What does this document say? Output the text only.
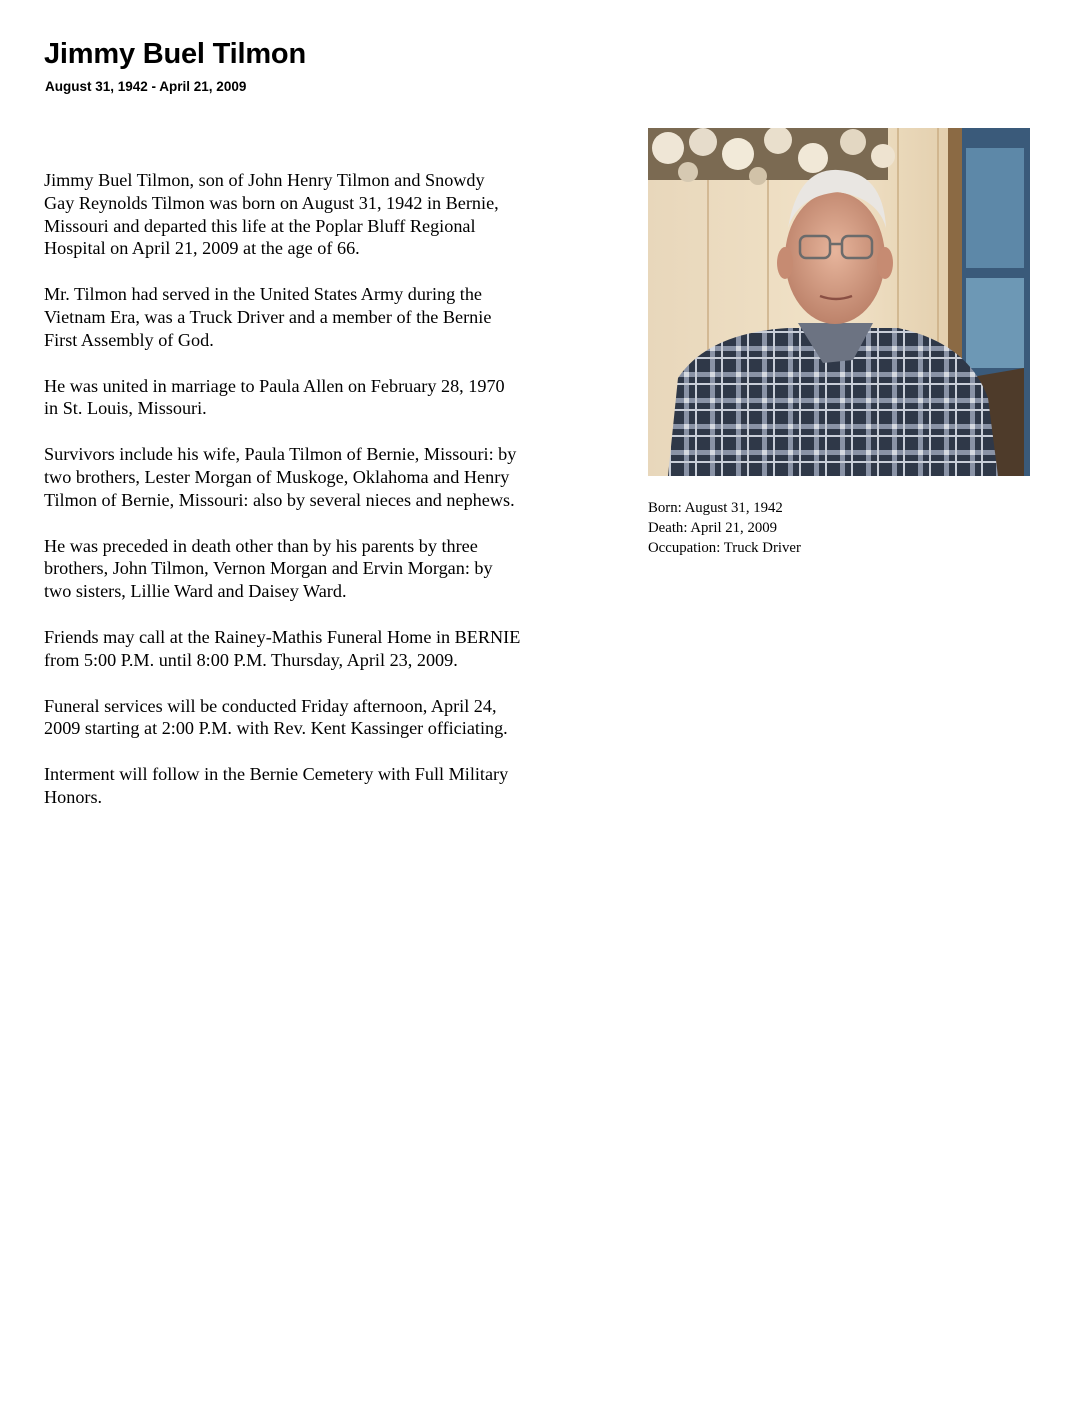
Jimmy Buel Tilmon
August 31, 1942 - April 21, 2009

Jimmy Buel Tilmon, son of John Henry Tilmon and Snowdy
Gay Reynolds Tilmon was born on August 31, 1942 in Bernie,
Missouri and departed this life at the Poplar Bluff Regional
Hospital on April 21, 2009 at the age of 66.

Mr. Tilmon had served in the United States Army during the
Vietnam Era, was a Truck Driver and a member of the Bernie
First Assembly of God.

He was united in marriage to Paula Allen on February 28, 1970
in St. Louis, Missouri.

Survivors include his wife, Paula Tilmon of Bernie, Missouri: by
two brothers, Lester Morgan of Muskoge, Oklahoma and Henry
Tilmon of Bernie, Missouri: also by several nieces and nephews.

He was preceded in death other than by his parents by three
brothers, John Tilmon, Vernon Morgan and Ervin Morgan: by
two sisters, Lillie Ward and Daisey Ward.

Friends may call at the Rainey-Mathis Funeral Home in BERNIE
from 5:00 P.M. until 8:00 P.M. Thursday, April 23, 2009.

Funeral services will be conducted Friday afternoon, April 24,
2009 starting at 2:00 P.M. with Rev. Kent Kassinger officiating.

Interment will follow in the Bernie Cemetery with Full Military
Honors.

Born: August 31, 1942
Death: April 21, 2009
Occupation: Truck Driver
